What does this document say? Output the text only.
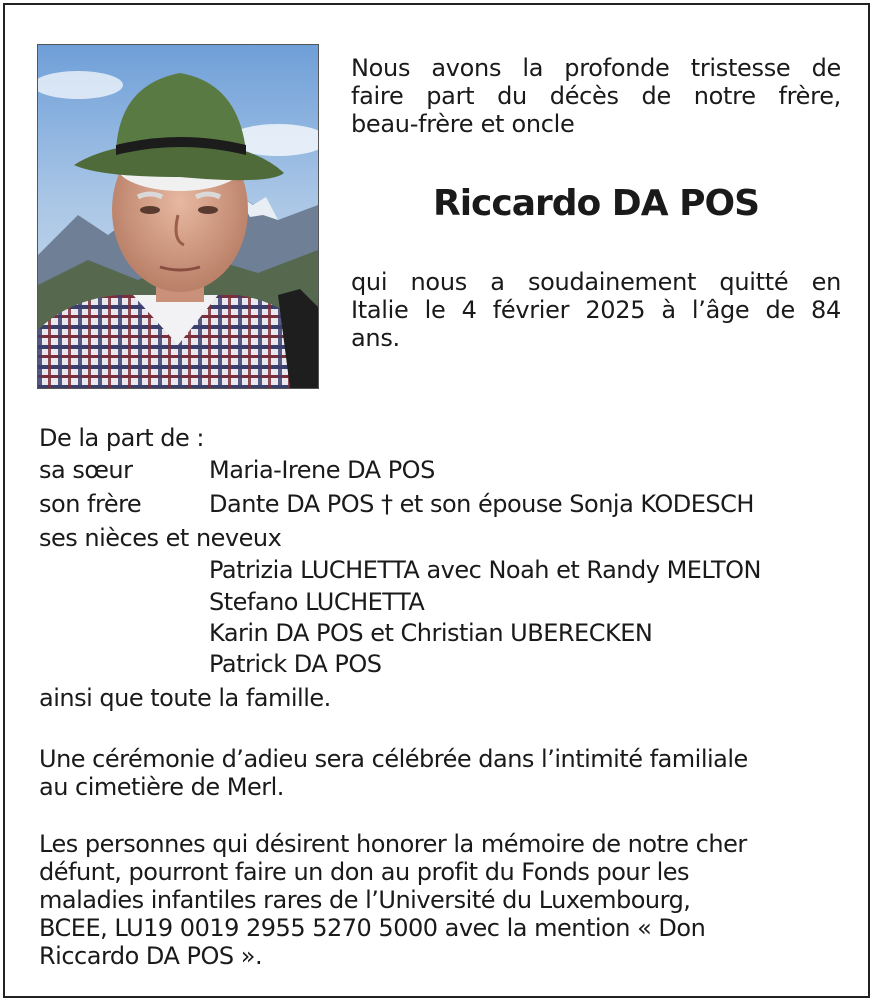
Nous avons la profonde tristesse de
faire part du décès de notre frère,
beau-frère et oncle
Riccardo DA POS
qui nous a soudainement quitté en
Italie le 4 février 2025 à l’âge de 84
ans.
De la part de :
sa sœur	Maria-Irene DA POS
son frère	Dante DA POS † et son épouse Sonja KODESCH
ses nièces et neveux
Patrizia LUCHETTA avec Noah et Randy MELTON
Stefano LUCHETTA
Karin DA POS et Christian UBERECKEN
Patrick DA POS
ainsi que toute la famille.
Une cérémonie d’adieu sera célébrée dans l’intimité familiale
au cimetière de Merl.
Les personnes qui désirent honorer la mémoire de notre cher
défunt, pourront faire un don au profit du Fonds pour les
maladies infantiles rares de l’Université du Luxembourg,
BCEE, LU19 0019 2955 5270 5000 avec la mention « Don
Riccardo DA POS ».
